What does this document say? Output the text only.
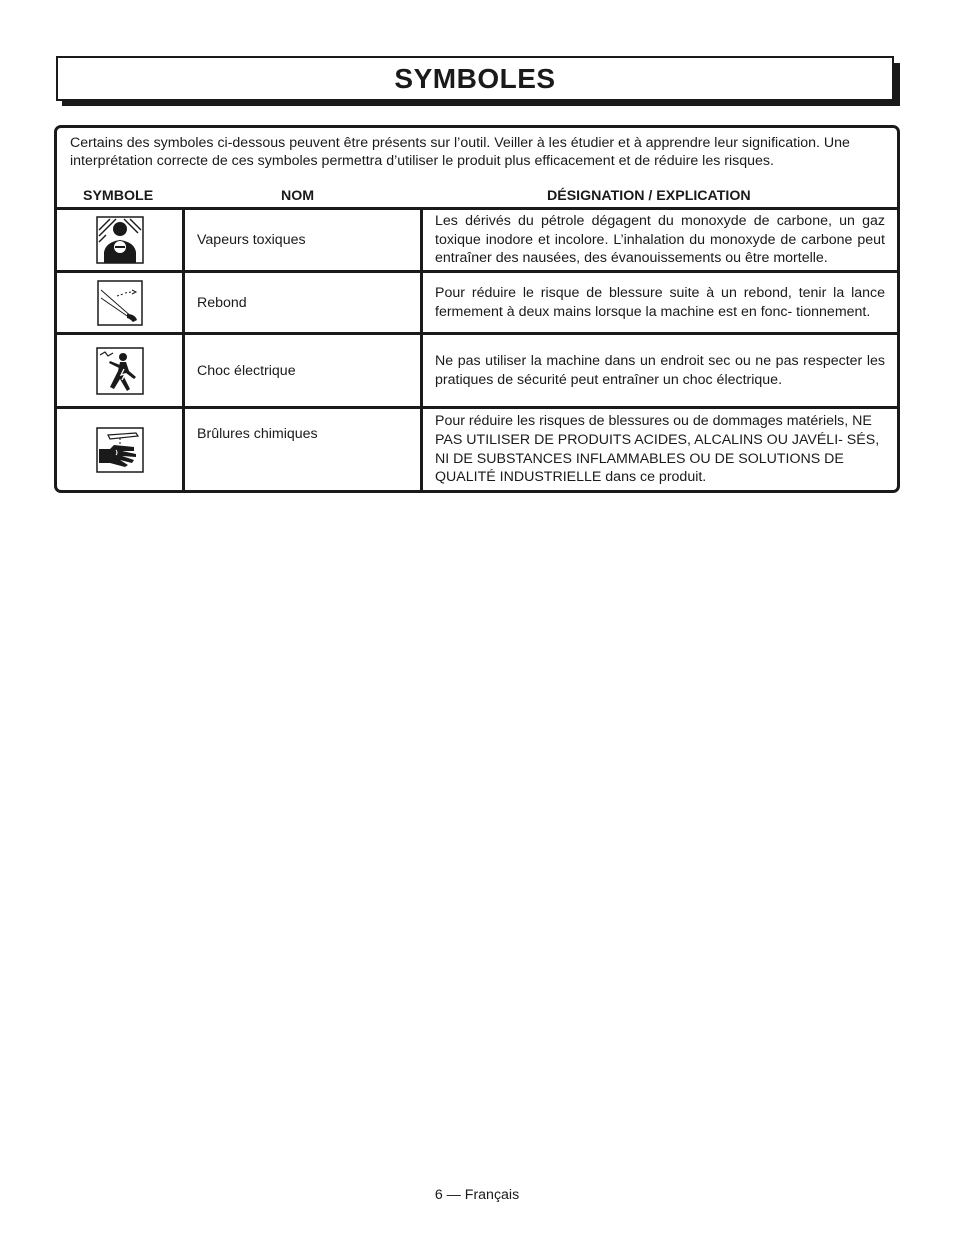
SYMBOLES
Certains des symboles ci-dessous peuvent être présents sur l’outil. Veiller à les étudier et à apprendre leur signification. Une interprétation correcte de ces symboles permettra d’utiliser le produit plus efficacement et de réduire les risques.
SYMBOLE	NOM	DÉSIGNATION / EXPLICATION
Vapeurs toxiques
Les dérivés du pétrole dégagent du monoxyde de carbone, un gaz toxique inodore et incolore. L’inhalation du monoxyde de carbone peut entraîner des nausées, des évanouissements ou être mortelle.
Rebond
Pour réduire le risque de blessure suite à un rebond, tenir la lance fermement à deux mains lorsque la machine est en fonc- tionnement.
Choc électrique
Ne pas utiliser la machine dans un endroit sec ou ne pas respecter les pratiques de sécurité peut entraîner un choc électrique.
Brûlures chimiques
Pour réduire les risques de blessures ou de dommages matériels, NE PAS UTILISER DE PRODUITS ACIDES, ALCALINS OU JAVÉLI- SÉS, NI DE SUBSTANCES INFLAMMABLES OU DE SOLUTIONS DE QUALITÉ INDUSTRIELLE dans ce produit.
6 — Français
